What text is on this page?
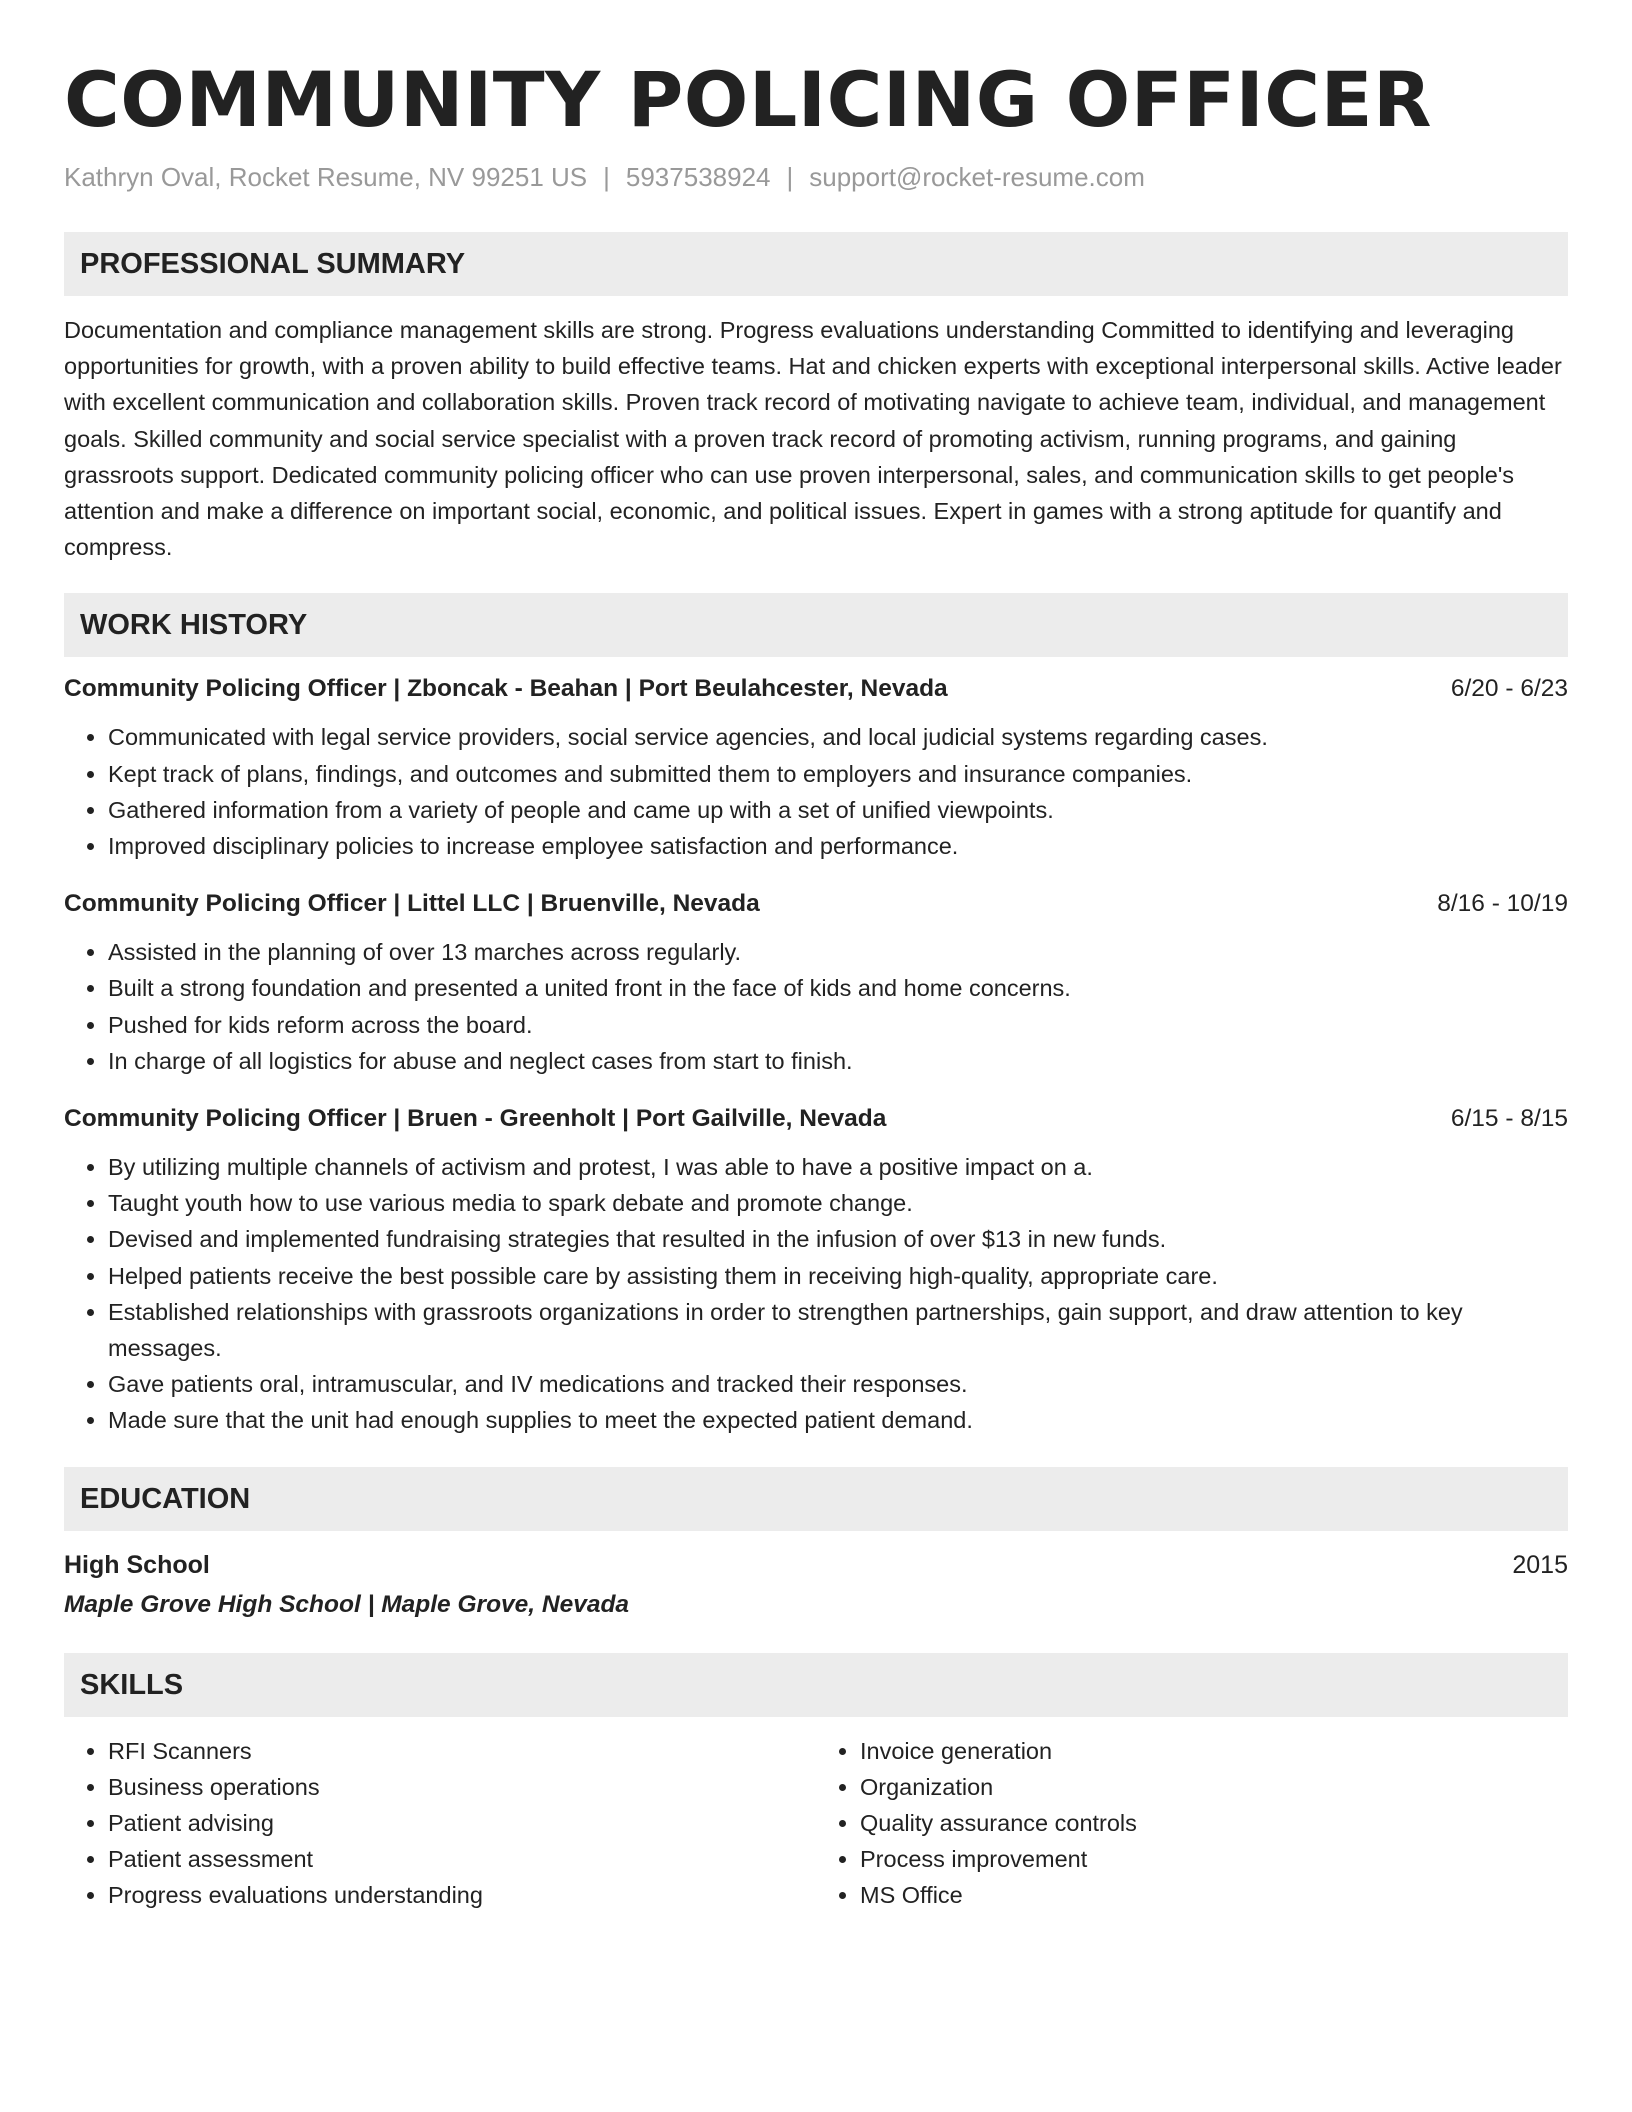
COMMUNITY POLICING OFFICER
Kathryn Oval, Rocket Resume, NV 99251 US | 5937538924 | support@rocket-resume.com
PROFESSIONAL SUMMARY

Documentation and compliance management skills are strong. Progress evaluations understanding Committed to identifying and leveraging opportunities for growth, with a proven ability to build effective teams. Hat and chicken experts with exceptional interpersonal skills. Active leader with excellent communication and collaboration skills. Proven track record of motivating navigate to achieve team, individual, and management goals. Skilled community and social service specialist with a proven track record of promoting activism, running programs, and gaining grassroots support. Dedicated community policing officer who can use proven interpersonal, sales, and communication skills to get people's attention and make a difference on important social, economic, and political issues. Expert in games with a strong aptitude for quantify and compress.

WORK HISTORY
Community Policing Officer | Zboncak - Beahan | Port Beulahcester, Nevada	6/20 - 6/23
• Communicated with legal service providers, social service agencies, and local judicial systems regarding cases.
• Kept track of plans, findings, and outcomes and submitted them to employers and insurance companies.
• Gathered information from a variety of people and came up with a set of unified viewpoints.
• Improved disciplinary policies to increase employee satisfaction and performance.
Community Policing Officer | Littel LLC | Bruenville, Nevada	8/16 - 10/19
• Assisted in the planning of over 13 marches across regularly.
• Built a strong foundation and presented a united front in the face of kids and home concerns.
• Pushed for kids reform across the board.
• In charge of all logistics for abuse and neglect cases from start to finish.
Community Policing Officer | Bruen - Greenholt | Port Gailville, Nevada	6/15 - 8/15
• By utilizing multiple channels of activism and protest, I was able to have a positive impact on a.
• Taught youth how to use various media to spark debate and promote change.
• Devised and implemented fundraising strategies that resulted in the infusion of over $13 in new funds.
• Helped patients receive the best possible care by assisting them in receiving high-quality, appropriate care.
• Established relationships with grassroots organizations in order to strengthen partnerships, gain support, and draw attention to key messages.
• Gave patients oral, intramuscular, and IV medications and tracked their responses.
• Made sure that the unit had enough supplies to meet the expected patient demand.
EDUCATION
High School	2015
Maple Grove High School | Maple Grove, Nevada
SKILLS
• RFI Scanners
• Business operations
• Patient advising
• Patient assessment
• Progress evaluations understanding
• Invoice generation
• Organization
• Quality assurance controls
• Process improvement
• MS Office
